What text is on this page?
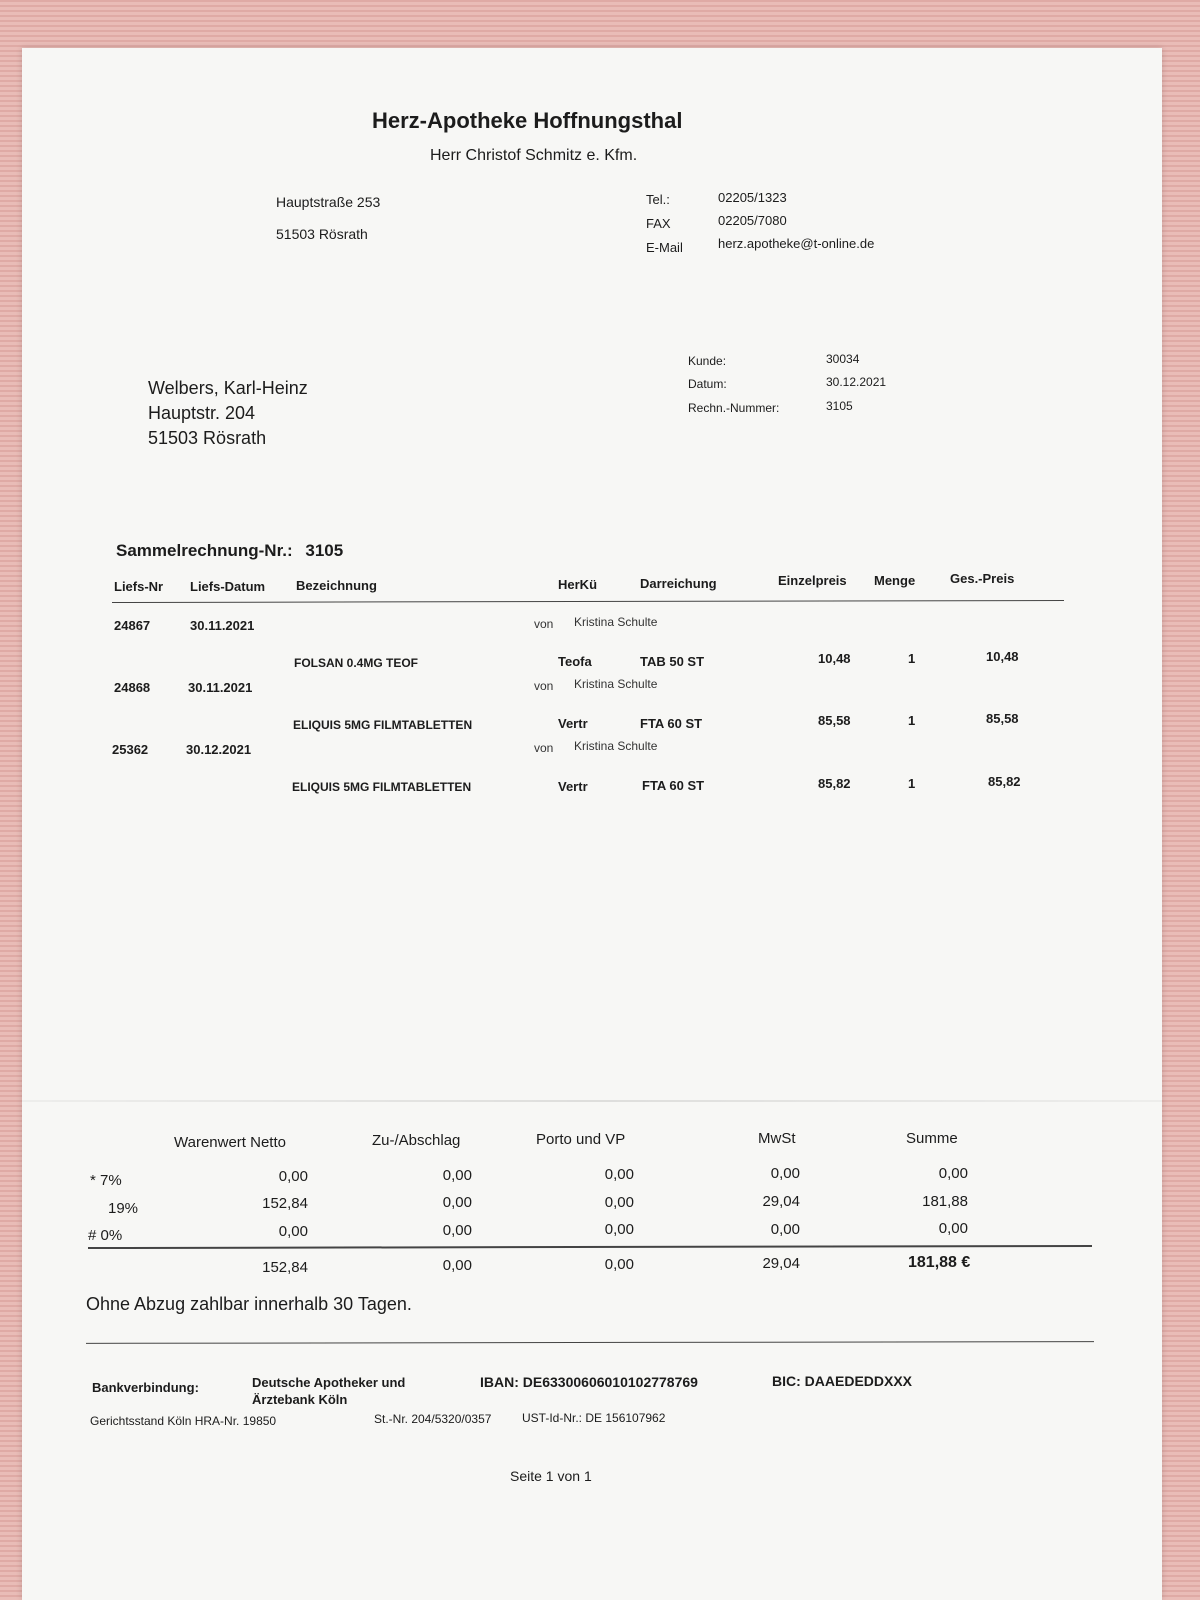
Herz-Apotheke Hoffnungsthal
Herr Christof Schmitz e. Kfm.
Hauptstraße 253
51503 Rösrath
Tel.:	02205/1323
FAX	02205/7080
E-Mail	herz.apotheke@t-online.de
Welbers, Karl-Heinz
Hauptstr. 204
51503 Rösrath
Kunde:	30034
Datum:	30.12.2021
Rechn.-Nummer:	3105
Sammelrechnung-Nr.: 3105
Liefs-Nr Liefs-Datum Bezeichnung	HerKü	Darreichung	Einzelpreis Menge	Ges.-Preis
24867	30.11.2021	von Kristina Schulte
FOLSAN 0.4MG TEOF	Teofa	TAB 50 ST	10,48	1	10,48
24868	30.11.2021	von Kristina Schulte
ELIQUIS 5MG FILMTABLETTEN	Vertr	FTA 60 ST	85,58	1	85,58
25362	30.12.2021	von Kristina Schulte
ELIQUIS 5MG FILMTABLETTEN	Vertr	FTA 60 ST	85,82	1	85,82
Warenwert Netto	Zu-/Abschlag	Porto und VP	MwSt	Summe
* 7%	0,00	0,00	0,00	0,00	0,00
19%	152,84	0,00	0,00	29,04	181,88
# 0%	0,00	0,00	0,00	0,00	0,00
152,84	0,00	0,00	29,04	181,88 €
Ohne Abzug zahlbar innerhalb 30 Tagen.
Bankverbindung:	Deutsche Apotheker und
Ärztebank Köln
IBAN: DE63300606010102778769	BIC: DAAEDEDDXXX
Gerichtsstand Köln HRA-Nr. 19850	St.-Nr. 204/5320/0357	UST-Id-Nr.: DE 156107962
Seite 1 von 1
